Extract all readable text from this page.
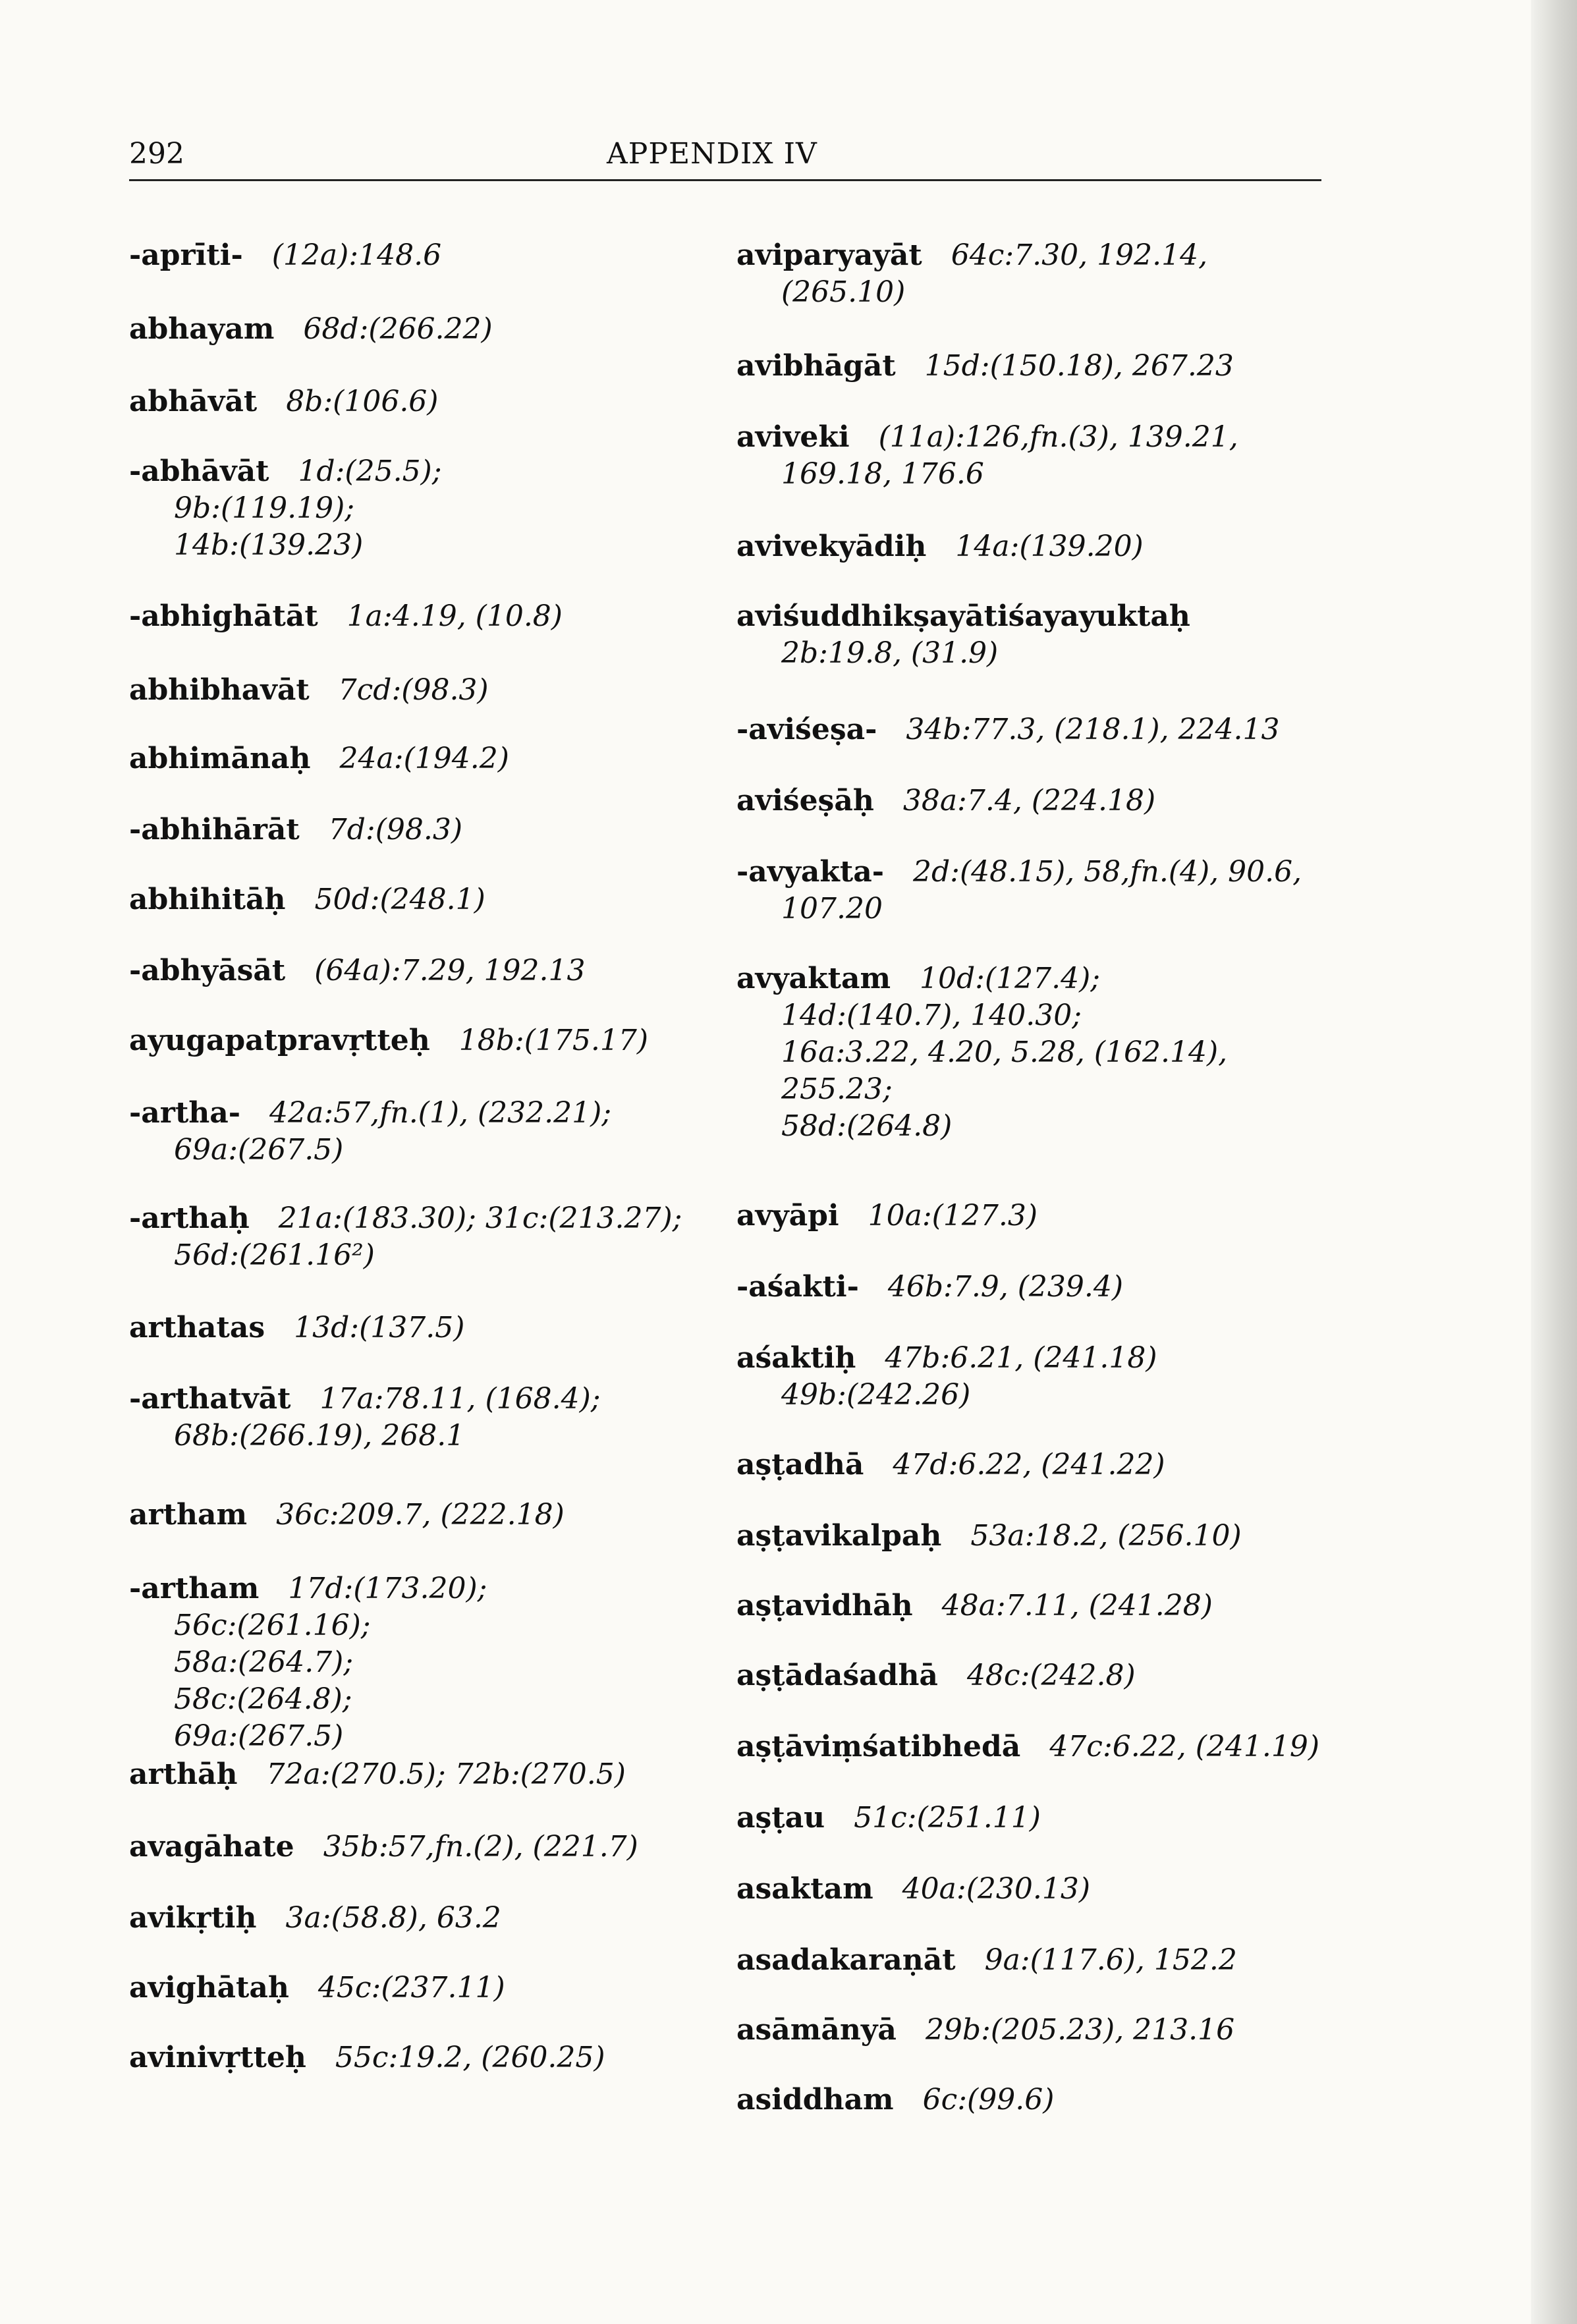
292	APPENDIX IV
-aprīti-  (12a):148.6
abhayam  68d:(266.22)
abhāvāt  8b:(106.6)
-abhāvāt  1d:(25.5);
9b:(119.19);
14b:(139.23)
-abhighātāt  1a:4.19, (10.8)
abhibhavāt  7cd:(98.3)
abhimānaḥ  24a:(194.2)
-abhihārāt  7d:(98.3)
abhihitāḥ  50d:(248.1)
-abhyāsāt  (64a):7.29, 192.13
ayugapatpravṛtteḥ  18b:(175.17)
-artha-  42a:57,fn.(1), (232.21);
69a:(267.5)
-arthaḥ  21a:(183.30); 31c:(213.27);
56d:(261.16²)
arthatas  13d:(137.5)
-arthatvāt  17a:78.11, (168.4);
68b:(266.19), 268.1
artham  36c:209.7, (222.18)
-artham  17d:(173.20);
56c:(261.16);
58a:(264.7);
58c:(264.8);
69a:(267.5)
arthāḥ  72a:(270.5); 72b:(270.5)
avagāhate  35b:57,fn.(2), (221.7)
avikṛtiḥ  3a:(58.8), 63.2
avighātaḥ  45c:(237.11)
avinivṛtteḥ  55c:19.2, (260.25)
aviparyayāt  64c:7.30, 192.14,
(265.10)
avibhāgāt  15d:(150.18), 267.23
aviveki  (11a):126,fn.(3), 139.21,
169.18, 176.6
avivekyādiḥ  14a:(139.20)
aviśuddhikṣayātiśayayuktaḥ
2b:19.8, (31.9)
-aviśeṣa-  34b:77.3, (218.1), 224.13
aviśeṣāḥ  38a:7.4, (224.18)
-avyakta-  2d:(48.15), 58,fn.(4), 90.6,
107.20
avyaktam  10d:(127.4);
14d:(140.7), 140.30;
16a:3.22, 4.20, 5.28, (162.14),
255.23;
58d:(264.8)
avyāpi  10a:(127.3)
-aśakti-  46b:7.9, (239.4)
aśaktiḥ  47b:6.21, (241.18)
49b:(242.26)
aṣṭadhā  47d:6.22, (241.22)
aṣṭavikalpaḥ  53a:18.2, (256.10)
aṣṭavidhāḥ  48a:7.11, (241.28)
aṣṭādaśadhā  48c:(242.8)
aṣṭāviṃśatibhedā  47c:6.22, (241.19)
aṣṭau  51c:(251.11)
asaktam  40a:(230.13)
asadakaraṇāt  9a:(117.6), 152.2
asāmānyā  29b:(205.23), 213.16
asiddham  6c:(99.6)
